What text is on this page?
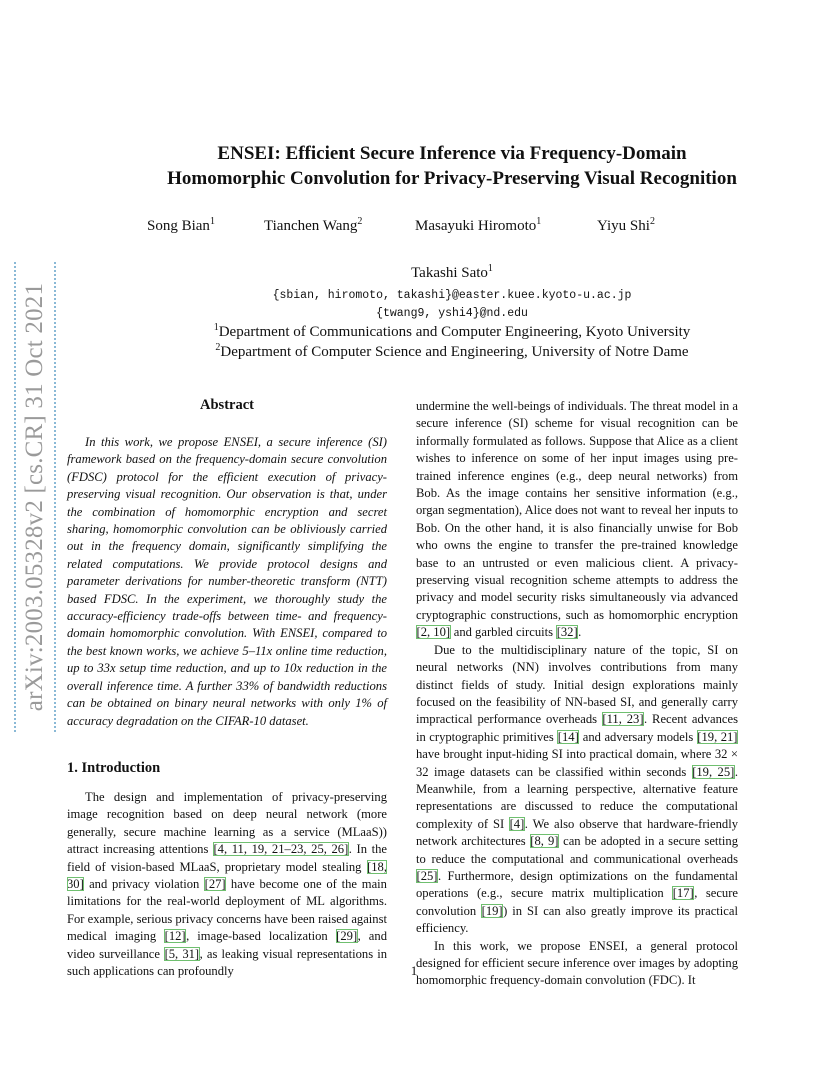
arXiv:2003.05328v2 [cs.CR] 31 Oct 2021
ENSEI: Efficient Secure Inference via Frequency-Domain
Homomorphic Convolution for Privacy-Preserving Visual Recognition
Song Bian$^1$	Tianchen Wang$^2$	Masayuki Hiromoto$^1$	Yiyu Shi$^2$
Takashi Sato$^1$
{sbian, hiromoto, takashi}@easter.kuee.kyoto-u.ac.jp
{twang9, yshi4}@nd.edu
$^1$Department of Communications and Computer Engineering, Kyoto University
$^2$Department of Computer Science and Engineering, University of Notre Dame
Abstract

In this work, we propose ENSEI, a secure inference (SI) framework based on the frequency-domain secure convolution (FDSC) protocol for the efficient execution of privacy-preserving visual recognition. Our observation is that, under the combination of homomorphic encryption and secret sharing, homomorphic convolution can be obliviously carried out in the frequency domain, significantly simplifying the related computations. We provide protocol designs and parameter derivations for number-theoretic transform (NTT) based FDSC. In the experiment, we thoroughly study the accuracy-efficiency trade-offs between time- and frequency-domain homomorphic convolution. With ENSEI, compared to the best known works, we achieve 5–11x online time reduction, up to 33x setup time reduction, and up to 10x reduction in the overall inference time. A further 33% of bandwidth reductions can be obtained on binary neural networks with only 1% of accuracy degradation on the CIFAR-10 dataset.

1. Introduction

The design and implementation of privacy-preserving image recognition based on deep neural network (more generally, secure machine learning as a service (MLaaS)) attract increasing attentions [4, 11, 19, 21–23, 25, 26]. In the field of vision-based MLaaS, proprietary model stealing [18, 30] and privacy violation [27] have become one of the main limitations for the real-world deployment of ML algorithms. For example, serious privacy concerns have been raised against medical imaging [12], image-based localization [29], and video surveillance [5, 31], as leaking visual representations in such applications can profoundly

undermine the well-beings of individuals. The threat model in a secure inference (SI) scheme for visual recognition can be informally formulated as follows. Suppose that Alice as a client wishes to inference on some of her input images using pre-trained inference engines (e.g., deep neural networks) from Bob. As the image contains her sensitive information (e.g., organ segmentation), Alice does not want to reveal her inputs to Bob. On the other hand, it is also financially unwise for Bob who owns the engine to transfer the pre-trained knowledge base to an untrusted or even malicious client. A privacy-preserving visual recognition scheme attempts to address the privacy and model security risks simultaneously via advanced cryptographic constructions, such as homomorphic encryption [2, 10] and garbled circuits [32].

Due to the multidisciplinary nature of the topic, SI on neural networks (NN) involves contributions from many distinct fields of study. Initial design explorations mainly focused on the feasibility of NN-based SI, and generally carry impractical performance overheads [11, 23]. Recent advances in cryptographic primitives [14] and adversary models [19, 21] have brought input-hiding SI into practical domain, where 32 × 32 image datasets can be classified within seconds [19, 25]. Meanwhile, from a learning perspective, alternative feature representations are discussed to reduce the computational complexity of SI [4]. We also observe that hardware-friendly network architectures [8, 9] can be adopted in a secure setting to reduce the computational and communicational overheads [25]. Furthermore, design optimizations on the fundamental operations (e.g., secure matrix multiplication [17], secure convolution [19]) in SI can also greatly improve its practical efficiency.

In this work, we propose ENSEI, a general protocol designed for efficient secure inference over images by adopting homomorphic frequency-domain convolution (FDC). It

1
